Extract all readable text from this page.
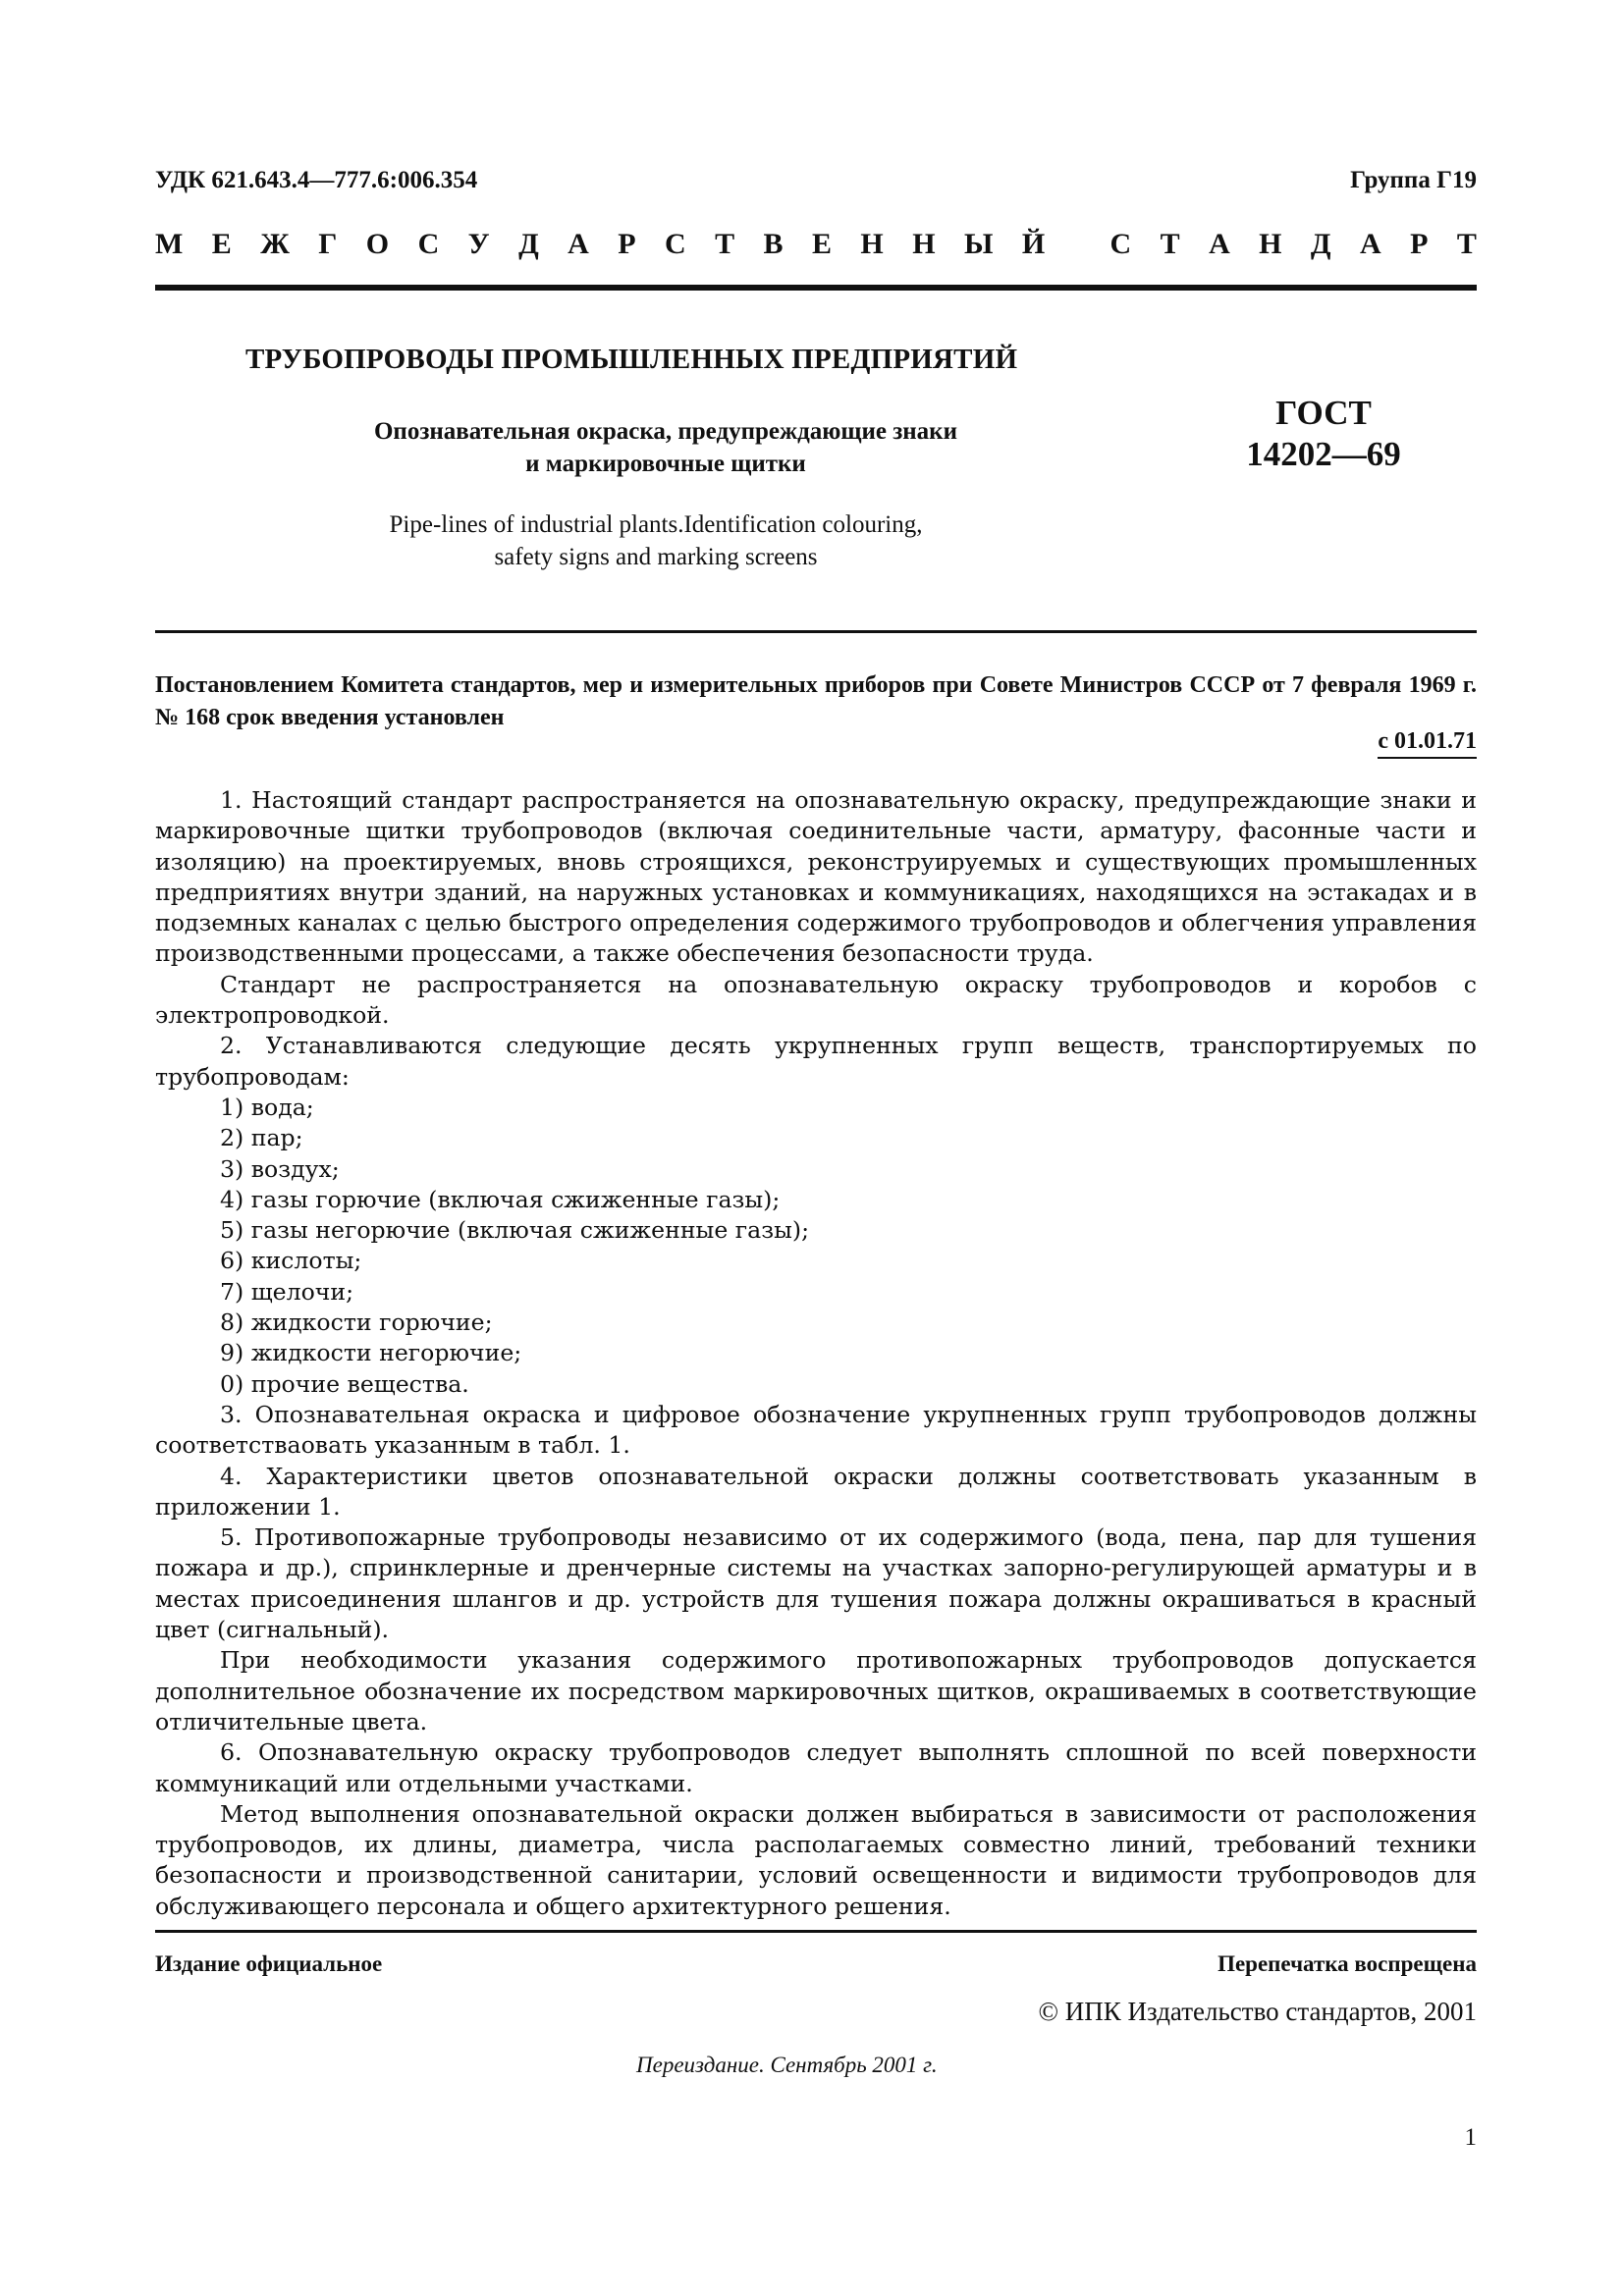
УДК 621.643.4—777.6:006.354	Группа Г19
М Е Ж Г О С У Д А Р С Т В Е Н Н Ы Й
С Т А Н Д А Р Т
ТРУБОПРОВОДЫ ПРОМЫШЛЕННЫХ ПРЕДПРИЯТИЙ
Опознавательная окраска, предупреждающие знаки
и маркировочные щитки
ГОСТ
14202—69
Pipe-lines of industrial plants.Identification colouring,
safety signs and marking screens
Постановлением Комитета стандартов, мер и измерительных приборов при Совете Министров СССР от 7 февраля 1969 г. № 168 срок введения установлен
с 01.01.71

1. Настоящий стандарт распространяется на опознавательную окраску, предупреждающие знаки и маркировочные щитки трубопроводов (включая соединительные части, арматуру, фасонные части и изоляцию) на проектируемых, вновь строящихся, реконструируемых и существующих промышленных предприятиях внутри зданий, на наружных установках и коммуникациях, находящихся на эстакадах и в подземных каналах с целью быстрого определения содержимого трубопроводов и облегчения управления производственными процессами, а также обеспечения безопасности труда.

Стандарт не распространяется на опознавательную окраску трубопроводов и коробов с электропроводкой.

2. Устанавливаются следующие десять укрупненных групп веществ, транспортируемых по трубопроводам:

1) вода;

2) пар;

3) воздух;

4) газы горючие (включая сжиженные газы);

5) газы негорючие (включая сжиженные газы);

6) кислоты;

7) щелочи;

8) жидкости горючие;

9) жидкости негорючие;

0) прочие вещества.

3. Опознавательная окраска и цифровое обозначение укрупненных групп трубопроводов должны соответстваовать указанным в табл. 1.

4. Характеристики цветов опознавательной окраски должны соответствовать указанным в приложении 1.

5. Противопожарные трубопроводы независимо от их содержимого (вода, пена, пар для тушения пожара и др.), спринклерные и дренчерные системы на участках запорно-регулирующей арматуры и в местах присоединения шлангов и др. устройств для тушения пожара должны окрашиваться в красный цвет (сигнальный).

При необходимости указания содержимого противопожарных трубопроводов допускается дополнительное обозначение их посредством маркировочных щитков, окрашиваемых в соответствующие отличительные цвета.

6. Опознавательную окраску трубопроводов следует выполнять сплошной по всей поверхности коммуникаций или отдельными участками.

Метод выполнения опознавательной окраски должен выбираться в зависимости от расположения трубопроводов, их длины, диаметра, числа располагаемых совместно линий, требований техники безопасности и производственной санитарии, условий освещенности и видимости трубопроводов для обслуживающего персонала и общего архитектурного решения.

Издание официальное	Перепечатка воспрещена
© ИПК Издательство стандартов, 2001
Переиздание. Сентябрь 2001 г.
1
